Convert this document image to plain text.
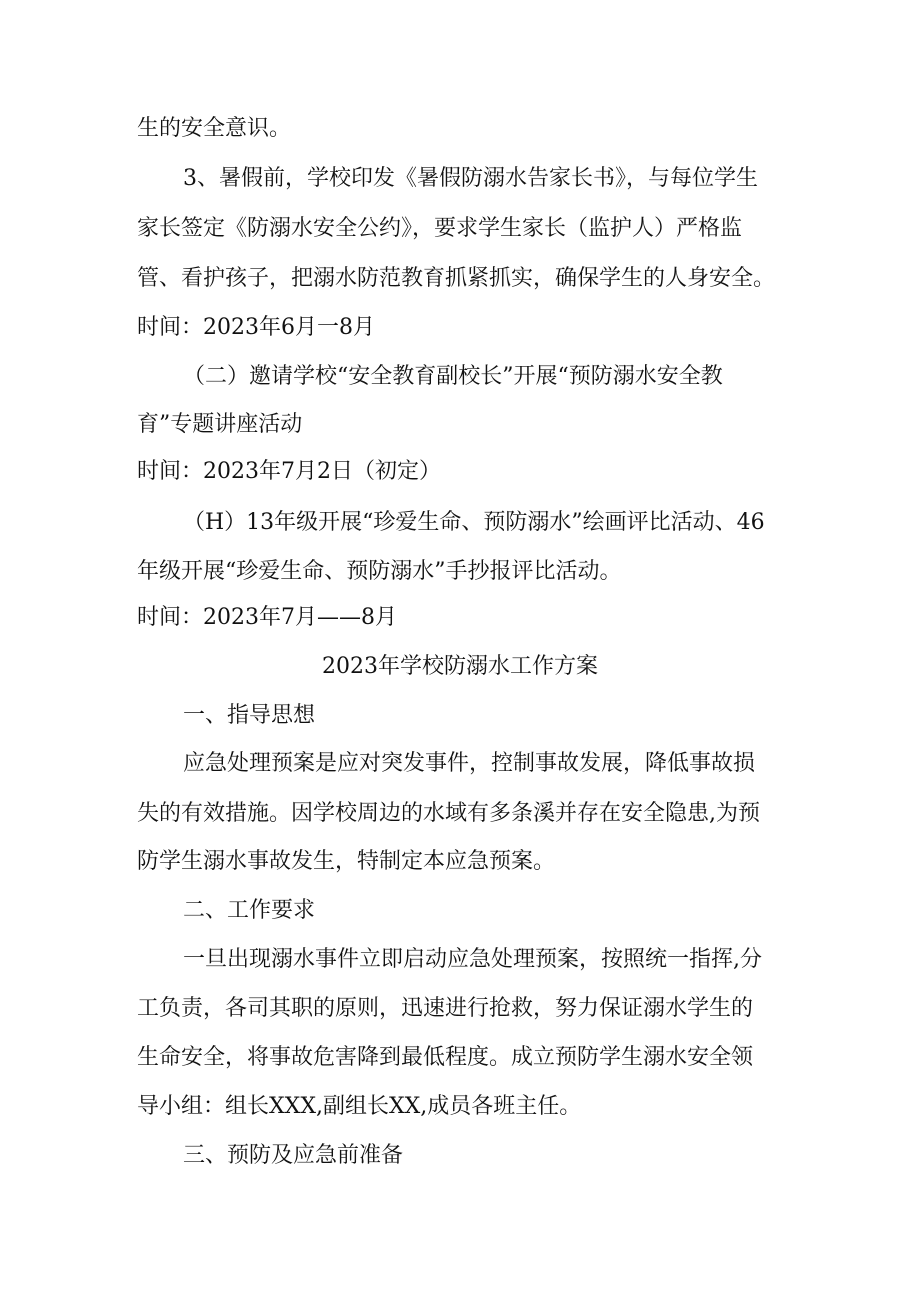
生的安全意识。
3、暑假前，学校印发《暑假防溺水告家长书》，与每位学生
家长签定《防溺水安全公约》，要求学生家长（监护人）严格监
管、看护孩子，把溺水防范教育抓紧抓实，确保学生的人身安全。
时间：2023年6月一8月
（二）邀请学校“安全教育副校长”开展“预防溺水安全教
育”专题讲座活动
时间：2023年7月2日（初定）
（H）13年级开展“珍爱生命、预防溺水”绘画评比活动、46
年级开展“珍爱生命、预防溺水”手抄报评比活动。
时间：2023年7月——8月
2023年学校防溺水工作方案
一、指导思想
应急处理预案是应对突发事件，控制事故发展，降低事故损
失的有效措施。因学校周边的水域有多条溪并存在安全隐患,为预
防学生溺水事故发生，特制定本应急预案。
二、工作要求
一旦出现溺水事件立即启动应急处理预案，按照统一指挥,分
工负责，各司其职的原则，迅速进行抢救，努力保证溺水学生的
生命安全，将事故危害降到最低程度。成立预防学生溺水安全领
导小组：组长XXX,副组长XX,成员各班主任。
三、预防及应急前准备
